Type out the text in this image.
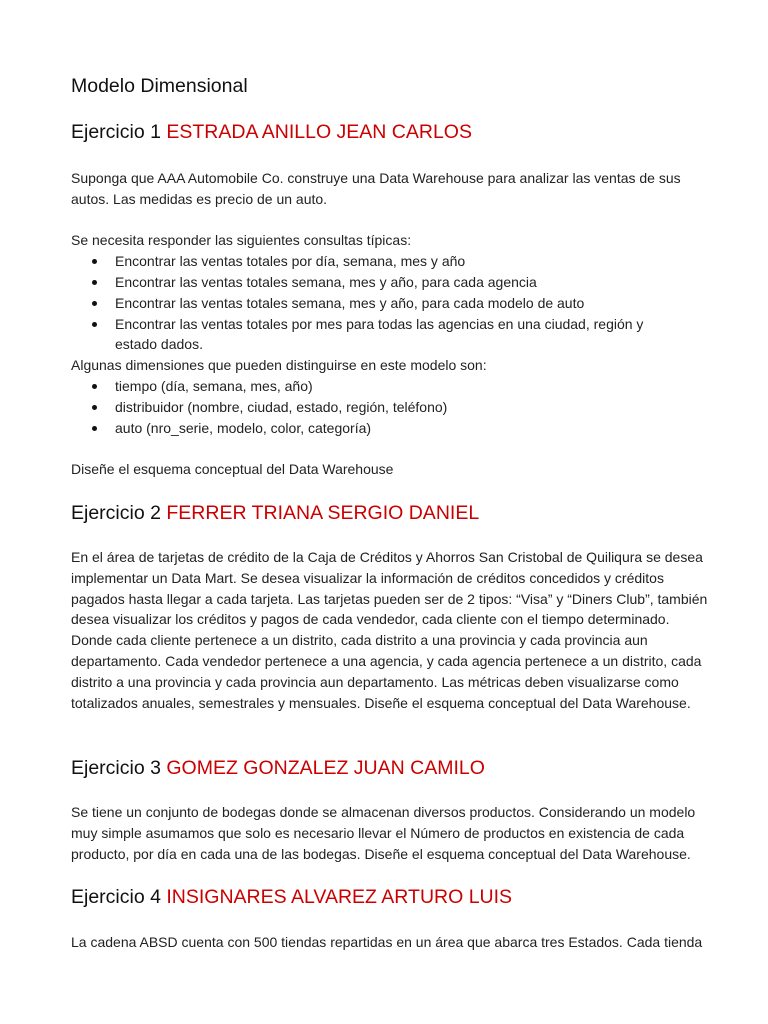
Modelo Dimensional
Ejercicio 1 ESTRADA ANILLO JEAN CARLOS

Suponga que AAA Automobile Co. construye una Data Warehouse para analizar las ventas de sus autos. Las medidas es precio de un auto.

Se necesita responder las siguientes consultas típicas:

Encontrar las ventas totales por día, semana, mes y año
Encontrar las ventas totales semana, mes y año, para cada agencia
Encontrar las ventas totales semana, mes y año, para cada modelo de auto
Encontrar las ventas totales por mes para todas las agencias en una ciudad, región y estado dados.

Algunas dimensiones que pueden distinguirse en este modelo son:

tiempo (día, semana, mes, año)
distribuidor (nombre, ciudad, estado, región, teléfono)
auto (nro_serie, modelo, color, categoría)

Diseñe el esquema conceptual del Data Warehouse

Ejercicio 2 FERRER TRIANA SERGIO DANIEL

En el área de tarjetas de crédito de la Caja de Créditos y Ahorros San Cristobal de Quiliqura se desea implementar un Data Mart. Se desea visualizar la información de créditos concedidos y créditos pagados hasta llegar a cada tarjeta. Las tarjetas pueden ser de 2 tipos: “Visa” y “Diners Club”, también desea visualizar los créditos y pagos de cada vendedor, cada cliente con el tiempo determinado. Donde cada cliente pertenece a un distrito, cada distrito a una provincia y cada provincia aun departamento. Cada vendedor pertenece a una agencia, y cada agencia pertenece a un distrito, cada distrito a una provincia y cada provincia aun departamento. Las métricas deben visualizarse como totalizados anuales, semestrales y mensuales. Diseñe el esquema conceptual del Data Warehouse.

Ejercicio 3 GOMEZ GONZALEZ JUAN CAMILO

Se tiene un conjunto de bodegas donde se almacenan diversos productos. Considerando un modelo muy simple asumamos que solo es necesario llevar el Número de productos en existencia de cada producto, por día en cada una de las bodegas. Diseñe el esquema conceptual del Data Warehouse.

Ejercicio 4 INSIGNARES ALVAREZ ARTURO LUIS

La cadena ABSD cuenta con 500 tiendas repartidas en un área que abarca tres Estados. Cada tienda
